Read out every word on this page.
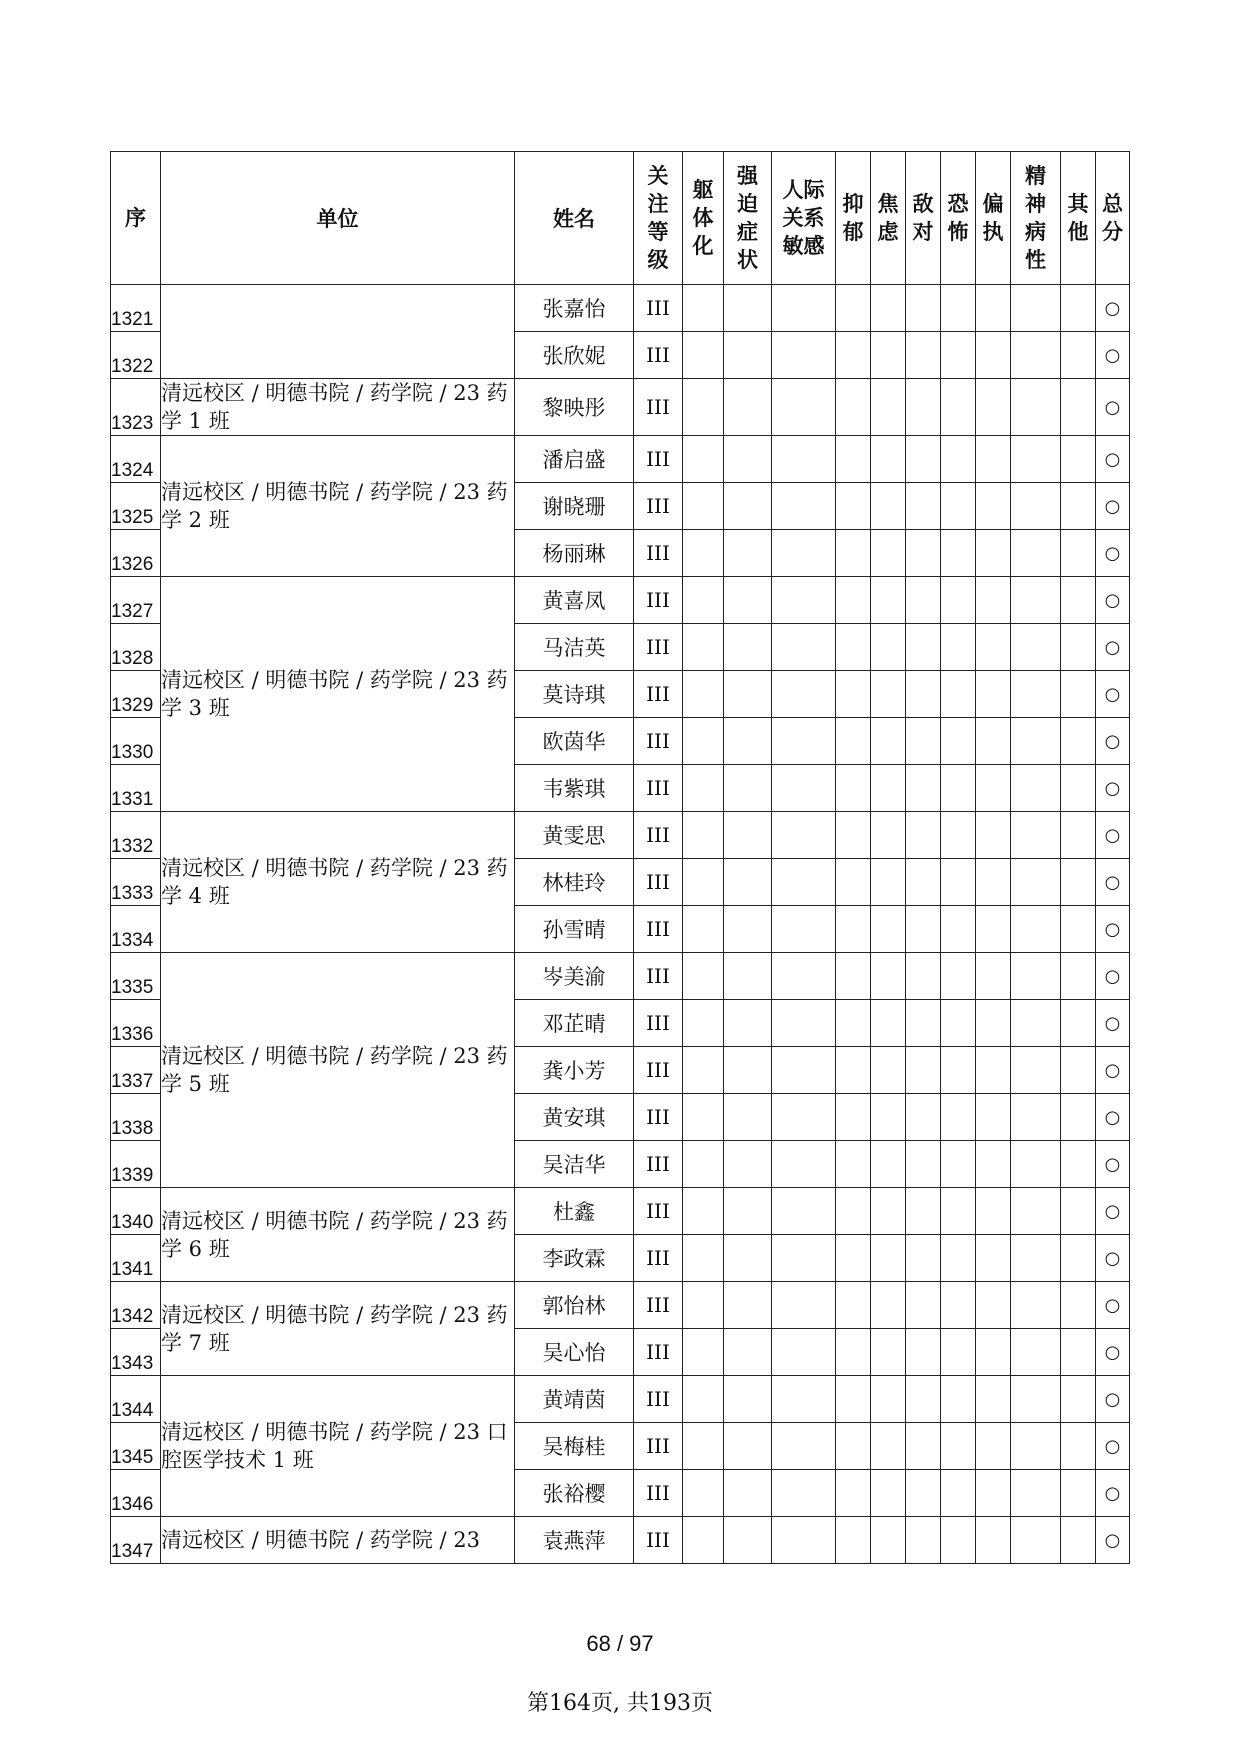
序	单位	姓名	关注等级	躯体化	强迫症状	人际关系敏感	抑郁	焦虑	敌对	恐怖	偏执	精神病性	其他	总分
1321		张嘉怡	III											○
1322		张欣妮	III											○
1323	清远校区 / 明德书院 / 药学院 / 23 药学 1 班	黎映彤	III											○
1324	清远校区 / 明德书院 / 药学院 / 23 药学 2 班	潘启盛	III											○
1325		谢晓珊	III											○
1326		杨丽琳	III											○
1327	清远校区 / 明德书院 / 药学院 / 23 药学 3 班	黄喜凤	III											○
1328		马洁英	III											○
1329		莫诗琪	III											○
1330		欧茵华	III											○
1331		韦紫琪	III											○
1332	清远校区 / 明德书院 / 药学院 / 23 药学 4 班	黄雯思	III											○
1333		林桂玲	III											○
1334		孙雪晴	III											○
1335	清远校区 / 明德书院 / 药学院 / 23 药学 5 班	岑美渝	III											○
1336		邓芷晴	III											○
1337		龚小芳	III											○
1338		黄安琪	III											○
1339		吴洁华	III											○
1340	清远校区 / 明德书院 / 药学院 / 23 药学 6 班	杜鑫	III											○
1341		李政霖	III											○
1342	清远校区 / 明德书院 / 药学院 / 23 药学 7 班	郭怡林	III											○
1343		吴心怡	III											○
1344	清远校区 / 明德书院 / 药学院 / 23 口腔医学技术 1 班	黄靖茵	III											○
1345		吴梅桂	III											○
1346		张裕樱	III											○
1347	清远校区 / 明德书院 / 药学院 / 23	袁燕萍	III											○
68 / 97
第164页, 共193页
